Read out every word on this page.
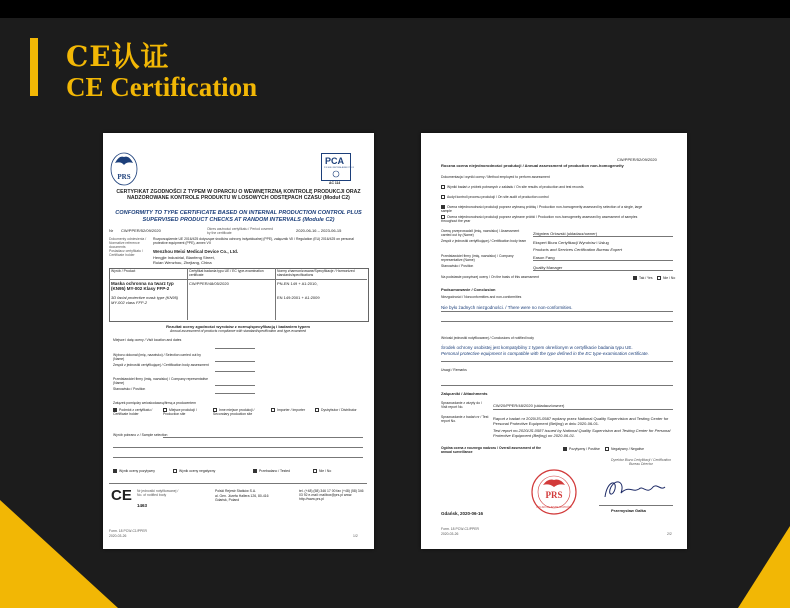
CE认证
CE Certification
PRS
PCA
POLSKIE CENTRUM AKREDYTACJI
AC 114
CERTYFIKAT ZGODNOŚCI Z TYPEM W OPARCIU O WEWNĘTRZNĄ KONTROLĘ PRODUKCJI ORAZ NADZOROWANE KONTROLE PRODUKTU W LOSOWYCH ODSTĘPACH CZASU (Moduł C2)
CONFORMITY TO TYPE CERTIFICATE BASED ON INTERNAL PRODUCTION CONTROL PLUS SUPERVISED PRODUCT CHECKS AT RANDOM INTERVALS (Module C2)
Nr CW/PPER/52/09/2020	Okres ważności certyfikatu / Period covered by the certificate
2020-06-16 – 2023-06-15
Dokumenty odniesienia / Normative reference documents
Rozporządzenie UE 2016/425 dotyczące środków ochrony indywidualnej (PPE), załącznik VII / Regulation (EU) 2016/425 on personal protective equipment (PPE), annex VII
Posiadacz certyfikatu / Certificate holder
Wenzhou Meixi Medical Device Co., Ltd.
Hengjie Industrial, Bianfeng Street,
Ruian Wenzhou, Zhejiang, China
Wyrób / Product	Certyfikat badania typu UE / EC type-examination certificate
Normy zharmonizowane/Specyfikacje / Harmonized standards/specifications
Maska ochronna na twarz typ (KN95) MY-002 Klasy FFP-2
3D facial protective mask type (KN95) MY-002 class FFP-2
CW/PPER/48/05/2020	PN-EN 149 + A1:2010,
EN 149:2001 + A1:2009
Rezultat oceny zgodności wyrobów z normą/specyfikacją i badaniem typem
Annual assessment of products compliance with standard/specification and type-examined
Miejsce i datę oceny / Visit location and dates
Wyboru dokonał (imię, nazwisko) / Selection carried out by (Name)
Zespół z jednostki certyfikującej / Certification body assessment
Przedstawiciel firmy (imię, nazwisko) / Company representative (Name)
Stanowisko / Position
Związek pomiędzy wnioskodawcą/firmą a producentem
Podmiot z certyfikatu / Certificate holder
Miejsce produkcji / Production site
Inne miejsce produkcji / Secondary production site
Importer / Importer	Dystrybutor / Distributor
Wyrób pobrano z / Sample selection
Wynik oceny pozytywny	Wynik oceny negatywny	Przebadano / Tested	Nie / No
CE Nr jednostki notyfikowanej / No. of notified body
1463
Polski Rejestr Statków S.A.
al. Gen. Józefa Hallera 126, 80-416 Gdańsk, Poland
tel. (+48) (58) 346 17 00 fax (+48) (58) 346 03 92 e-mail: mailbox@prs.pl www: http://www.prs.pl
Form. 18 PCW-C1/PPER
2020-03-26	1/2
CW/PPER/52/09/2020
Roczna ocena niejednorodności produkcji / Annual assessment of production non-homogeneity
Dokumentacja i wyniki oceny / Method employed to perform assessment
Wyniki badań z próbek pobranych z zakładu / On site results of production and test records
Audyt kontroli procesu produkcji / On site audit of production control
Ocena niejednorodności produkcji poprzez wybraną próbkę / Production non-homogeneity assessed by selection of a single, large sample
Ocena niejednorodności produkcji poprzez wybrane próbki / Production non-homogeneity assessed by assessment of samples throughout the year
Ocenę przeprowadził (imię, nazwisko) / Assessment carried out by (Name)	Zbigniew Orlowski (układacz/owner)
Zespół z jednostki certyfikującej / Certification body team	Ekspert Biura Certyfikacji Wyrobów i Usług
Products and Services Certification Bureau Expert
Przedstawiciel firmy (imię, nazwisko) / Company representative (Name)
Eason Fang
Stanowisko / Position	Quality Manager
Na podstawie powyższej oceny / On the basis of this assessment	Tak / Yes	Nie / No
Podsumowanie / Conclusion
Niezgodności / Nonconformities and non-conformities
Nie było żadnych niezgodności. / There were no non-conformities.
Wnioski jednostki notyfikowanej / Conclusions of notified body
Środek ochrony osobistej jest kompatybilny z typem określonym w certyfikacie badania typu UE.
Personal protective equipment is compatible with the type defined in the EC type-examination certificate.
Uwagi / Remarks
Załączniki / Attachments
Sprawozdanie z wizyty do / Visit report No.	CW/20/PPER/48/2020 (układacz/owner)
Sprawozdanie z badań nr / Test report No.
Raport z badań nr 2020/JS-0587 wydany przez National Quality Supervision and Testing Center for Personal Protective Equipment (Beijing) w dniu 2020-06-01.
Test report no.2020/JS-0587 issued by National Quality Supervision and Testing Center for Personal Protective Equipment (Beijing) on 2020-06-01.
Ogólna ocena z rocznego nadzoru / Overall assessment of the annual surveillance
Pozytywny / Positive	Negatywny / Negative
Dyrektor Biura Certyfikacji / Certification Bureau Director
PRS
POLSKI REJESTR STATKÓW
Przemysław Gałka
Gdańsk, 2020-06-16
Form. 18 PCW-C1/PPER
2020-03-26	2/2
